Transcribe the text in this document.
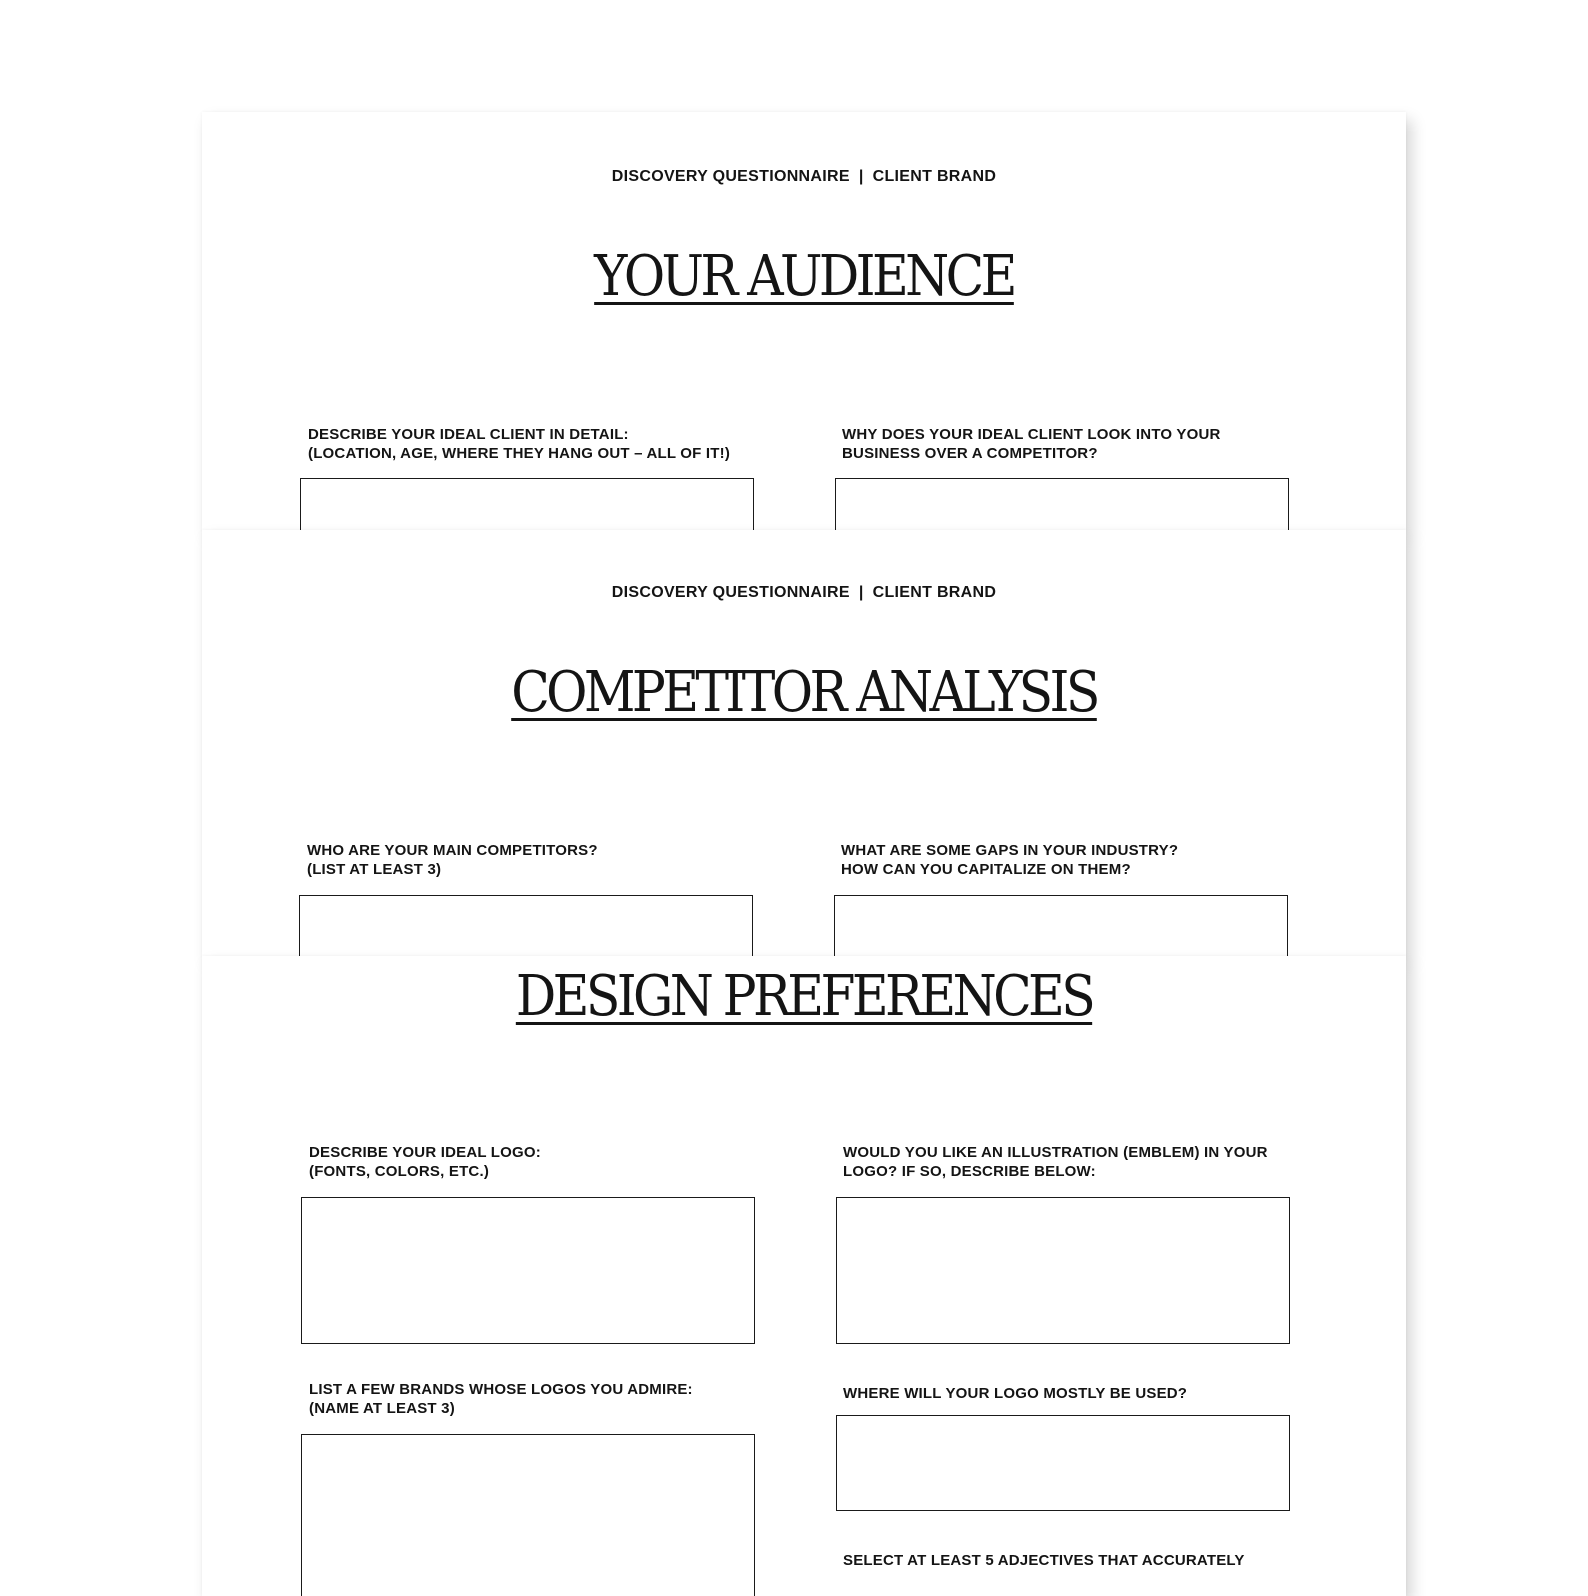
DISCOVERY QUESTIONNAIRE | CLIENT BRAND
YOUR AUDIENCE
DESCRIBE YOUR IDEAL CLIENT IN DETAIL:
(LOCATION, AGE, WHERE THEY HANG OUT – ALL OF IT!)
WHY DOES YOUR IDEAL CLIENT LOOK INTO YOUR
BUSINESS OVER A COMPETITOR?
DISCOVERY QUESTIONNAIRE | CLIENT BRAND
COMPETITOR ANALYSIS
WHO ARE YOUR MAIN COMPETITORS?
(LIST AT LEAST 3)
WHAT ARE SOME GAPS IN YOUR INDUSTRY?
HOW CAN YOU CAPITALIZE ON THEM?
DESIGN PREFERENCES
DESCRIBE YOUR IDEAL LOGO:
(FONTS, COLORS, ETC.)
WOULD YOU LIKE AN ILLUSTRATION (EMBLEM) IN YOUR
LOGO? IF SO, DESCRIBE BELOW:
LIST A FEW BRANDS WHOSE LOGOS YOU ADMIRE:
(NAME AT LEAST 3)
WHERE WILL YOUR LOGO MOSTLY BE USED?
SELECT AT LEAST 5 ADJECTIVES THAT ACCURATELY
